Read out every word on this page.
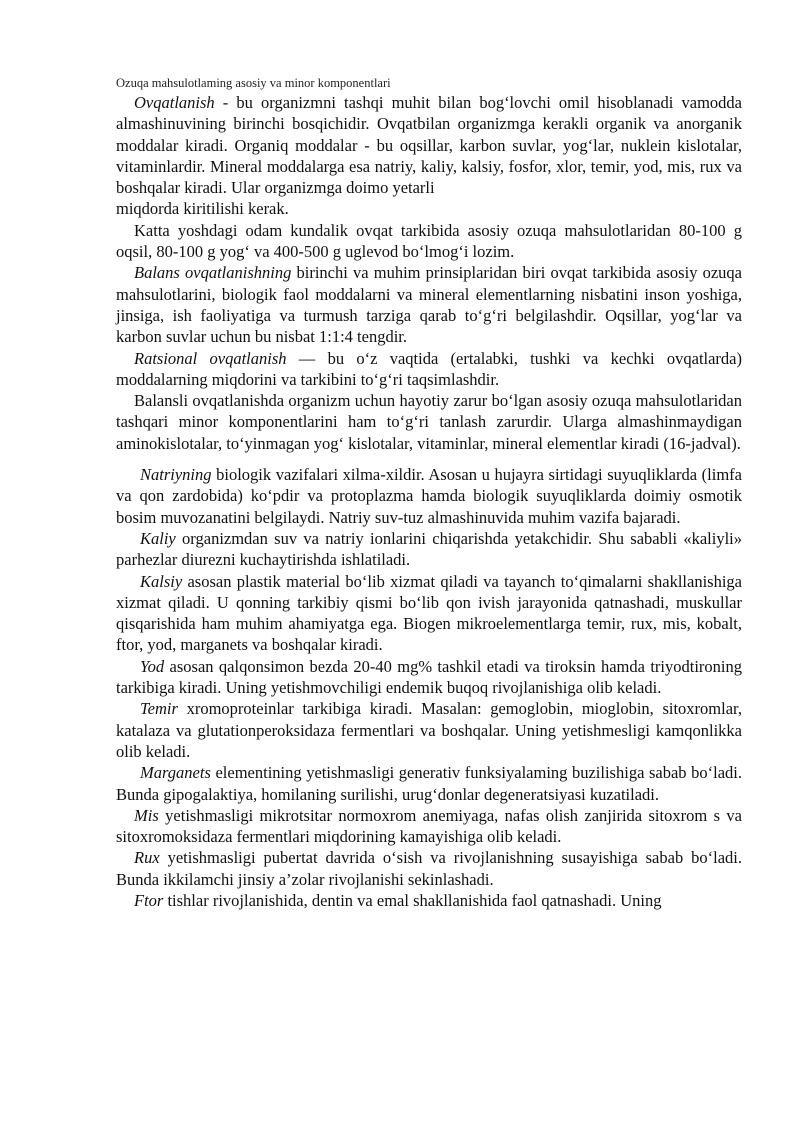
Ozuqa mahsulotlaming asosiy va minor komponentlari

Ovqatlanish - bu organizmni tashqi muhit bilan bog‘lovchi omil hisoblanadi vamodda almashinuvining birinchi bosqichidir. Ovqatbilan organizmga kerakli organik va anorganik moddalar kiradi. Organiq moddalar - bu oqsillar, karbon suvlar, yog‘lar, nuklein kislotalar, vitaminlardir. Mineral moddalarga esa natriy, kaliy, kalsiy, fosfor, xlor, temir, yod, mis, rux va boshqalar kiradi. Ular organizmga doimo yetarli

miqdorda kiritilishi kerak.

Katta yoshdagi odam kundalik ovqat tarkibida asosiy ozuqa mahsulotlaridan 80-100 g oqsil, 80-100 g yog‘ va 400-500 g uglevod bo‘lmog‘i lozim.

Balans ovqatlanishning birinchi va muhim prinsiplaridan biri ovqat tarkibida asosiy ozuqa mahsulotlarini, biologik faol moddalarni va mineral elementlarning nisbatini inson yoshiga, jinsiga, ish faoliyatiga va turmush tarziga qarab to‘g‘ri belgilashdir. Oqsillar, yog‘lar va karbon suvlar uchun bu nisbat 1:1:4 tengdir.

Ratsional ovqatlanish — bu o‘z vaqtida (ertalabki, tushki va kechki ovqatlarda) moddalarning miqdorini va tarkibini to‘g‘ri taqsimlashdir.

Balansli ovqatlanishda organizm uchun hayotiy zarur bo‘lgan asosiy ozuqa mahsulotlaridan tashqari minor komponentlarini ham to‘g‘ri tanlash zarurdir. Ularga almashinmaydigan aminokislotalar, to‘yinmagan yog‘ kislotalar, vitaminlar, mineral elementlar kiradi (16-jadval).

Natriyning biologik vazifalari xilma-xildir. Asosan u hujayra sirtidagi suyuqliklarda (limfa va qon zardobida) ko‘pdir va protoplazma hamda biologik suyuqliklarda doimiy osmotik bosim muvozanatini belgilaydi. Natriy suv-tuz almashinuvida muhim vazifa bajaradi.

Kaliy organizmdan suv va natriy ionlarini chiqarishda yetakchidir. Shu sababli «kaliyli» parhezlar diurezni kuchaytirishda ishlatiladi.

Kalsiy asosan plastik material bo‘lib xizmat qiladi va tayanch to‘qimalarni shakllanishiga xizmat qiladi. U qonning tarkibiy qismi bo‘lib qon ivish jarayonida qatnashadi, muskullar qisqarishida ham muhim ahamiyatga ega. Biogen mikroelementlarga temir, rux, mis, kobalt, ftor, yod, marganets va boshqalar kiradi.

Yod asosan qalqonsimon bezda 20-40 mg% tashkil etadi va tiroksin hamda triyodtironing tarkibiga kiradi. Uning yetishmovchiligi endemik buqoq rivojlanishiga olib keladi.

Temir xromoproteinlar tarkibiga kiradi. Masalan: gemoglobin, mioglobin, sitoxromlar, katalaza va glutationperoksidaza fermentlari va boshqalar. Uning yetishmesligi kamqonlikka olib keladi.

Marganets elementining yetishmasligi generativ funksiyalaming buzilishiga sabab bo‘ladi. Bunda gipogalaktiya, homilaning surilishi, urug‘donlar degeneratsiyasi kuzatiladi.

Mis yetishmasligi mikrotsitar normoxrom anemiyaga, nafas olish zanjirida sitoxrom s va sitoxromoksidaza fermentlari miqdorining kamayishiga olib keladi.

Rux yetishmasligi pubertat davrida o‘sish va rivojlanishning susayishiga sabab bo‘ladi. Bunda ikkilamchi jinsiy a’zolar rivojlanishi sekinlashadi.

Ftor tishlar rivojlanishida, dentin va emal shakllanishida faol qatnashadi. Uning
